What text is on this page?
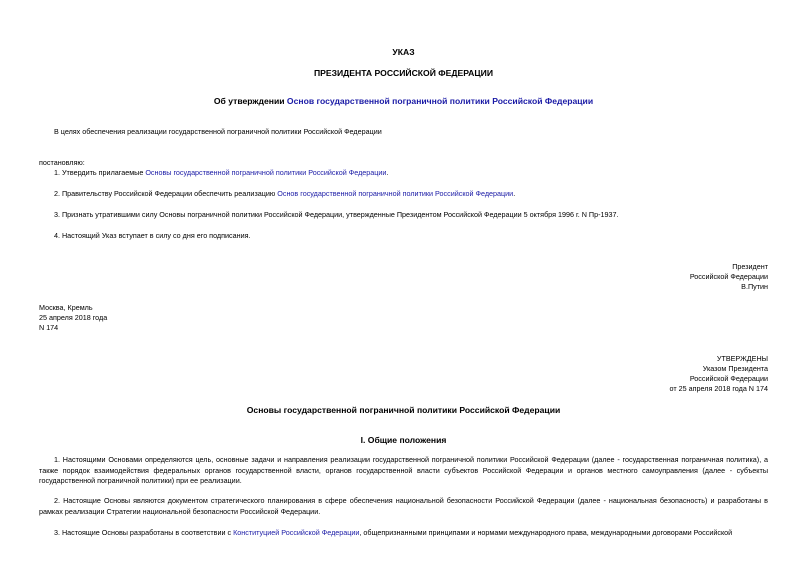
УКАЗ
ПРЕЗИДЕНТА РОССИЙСКОЙ ФЕДЕРАЦИИ
Об утверждении Основ государственной пограничной политики Российской Федерации
В целях обеспечения реализации государственной пограничной политики Российской Федерации
постановляю:
1. Утвердить прилагаемые Основы государственной пограничной политики Российской Федерации.
2. Правительству Российской Федерации обеспечить реализацию Основ государственной пограничной политики Российской Федерации.
3. Признать утратившими силу Основы пограничной политики Российской Федерации, утвержденные Президентом Российской Федерации 5 октября 1996 г. N Пр-1937.
4. Настоящий Указ вступает в силу со дня его подписания.
Президент
Российской Федерации
В.Путин
Москва, Кремль
25 апреля 2018 года
N 174
УТВЕРЖДЕНЫ
Указом Президента
Российской Федерации
от 25 апреля 2018 года N 174
Основы государственной пограничной политики Российской Федерации
I. Общие положения
1. Настоящими Основами определяются цель, основные задачи и направления реализации государственной пограничной политики Российской Федерации (далее - государственная пограничная политика), а также порядок взаимодействия федеральных органов государственной власти, органов государственной власти субъектов Российской Федерации и органов местного самоуправления (далее - субъекты государственной пограничной политики) при ее реализации.
2. Настоящие Основы являются документом стратегического планирования в сфере обеспечения национальной безопасности Российской Федерации (далее - национальная безопасность) и разработаны в рамках реализации Стратегии национальной безопасности Российской Федерации.
3. Настоящие Основы разработаны в соответствии с Конституцией Российской Федерации, общепризнанными принципами и нормами международного права, международными договорами Российской
